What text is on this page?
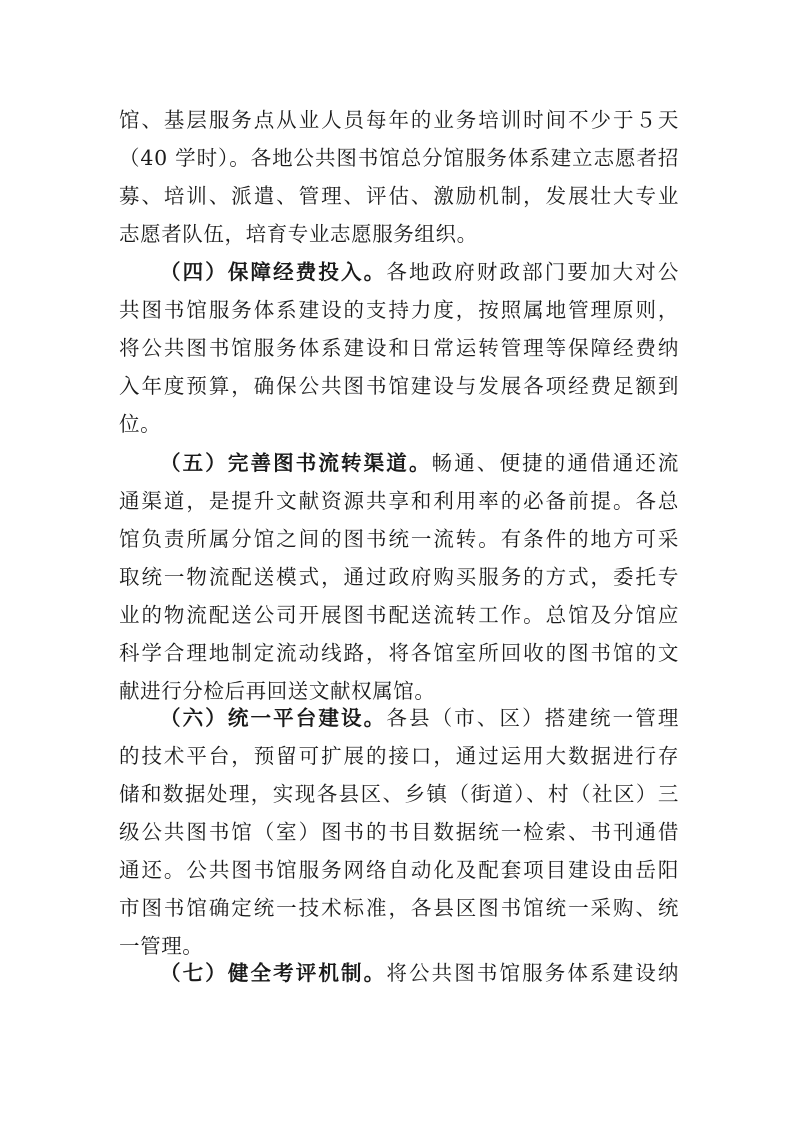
馆、基层服务点从业人员每年的业务培训时间不少于５天
（40 学时）。各地公共图书馆总分馆服务体系建立志愿者招
募、培训、派遣、管理、评估、激励机制，发展壮大专业
志愿者队伍，培育专业志愿服务组织。
（四）保障经费投入。各地政府财政部门要加大对公
共图书馆服务体系建设的支持力度，按照属地管理原则，
将公共图书馆服务体系建设和日常运转管理等保障经费纳
入年度预算，确保公共图书馆建设与发展各项经费足额到
位。
（五）完善图书流转渠道。畅通、便捷的通借通还流
通渠道，是提升文献资源共享和利用率的必备前提。各总
馆负责所属分馆之间的图书统一流转。有条件的地方可采
取统一物流配送模式，通过政府购买服务的方式，委托专
业的物流配送公司开展图书配送流转工作。总馆及分馆应
科学合理地制定流动线路，将各馆室所回收的图书馆的文
献进行分检后再回送文献权属馆。
（六）统一平台建设。各县（市、区）搭建统一管理
的技术平台，预留可扩展的接口，通过运用大数据进行存
储和数据处理，实现各县区、乡镇（街道）、村（社区）三
级公共图书馆（室）图书的书目数据统一检索、书刊通借
通还。公共图书馆服务网络自动化及配套项目建设由岳阳
市图书馆确定统一技术标准，各县区图书馆统一采购、统
一管理。
（七）健全考评机制。将公共图书馆服务体系建设纳
